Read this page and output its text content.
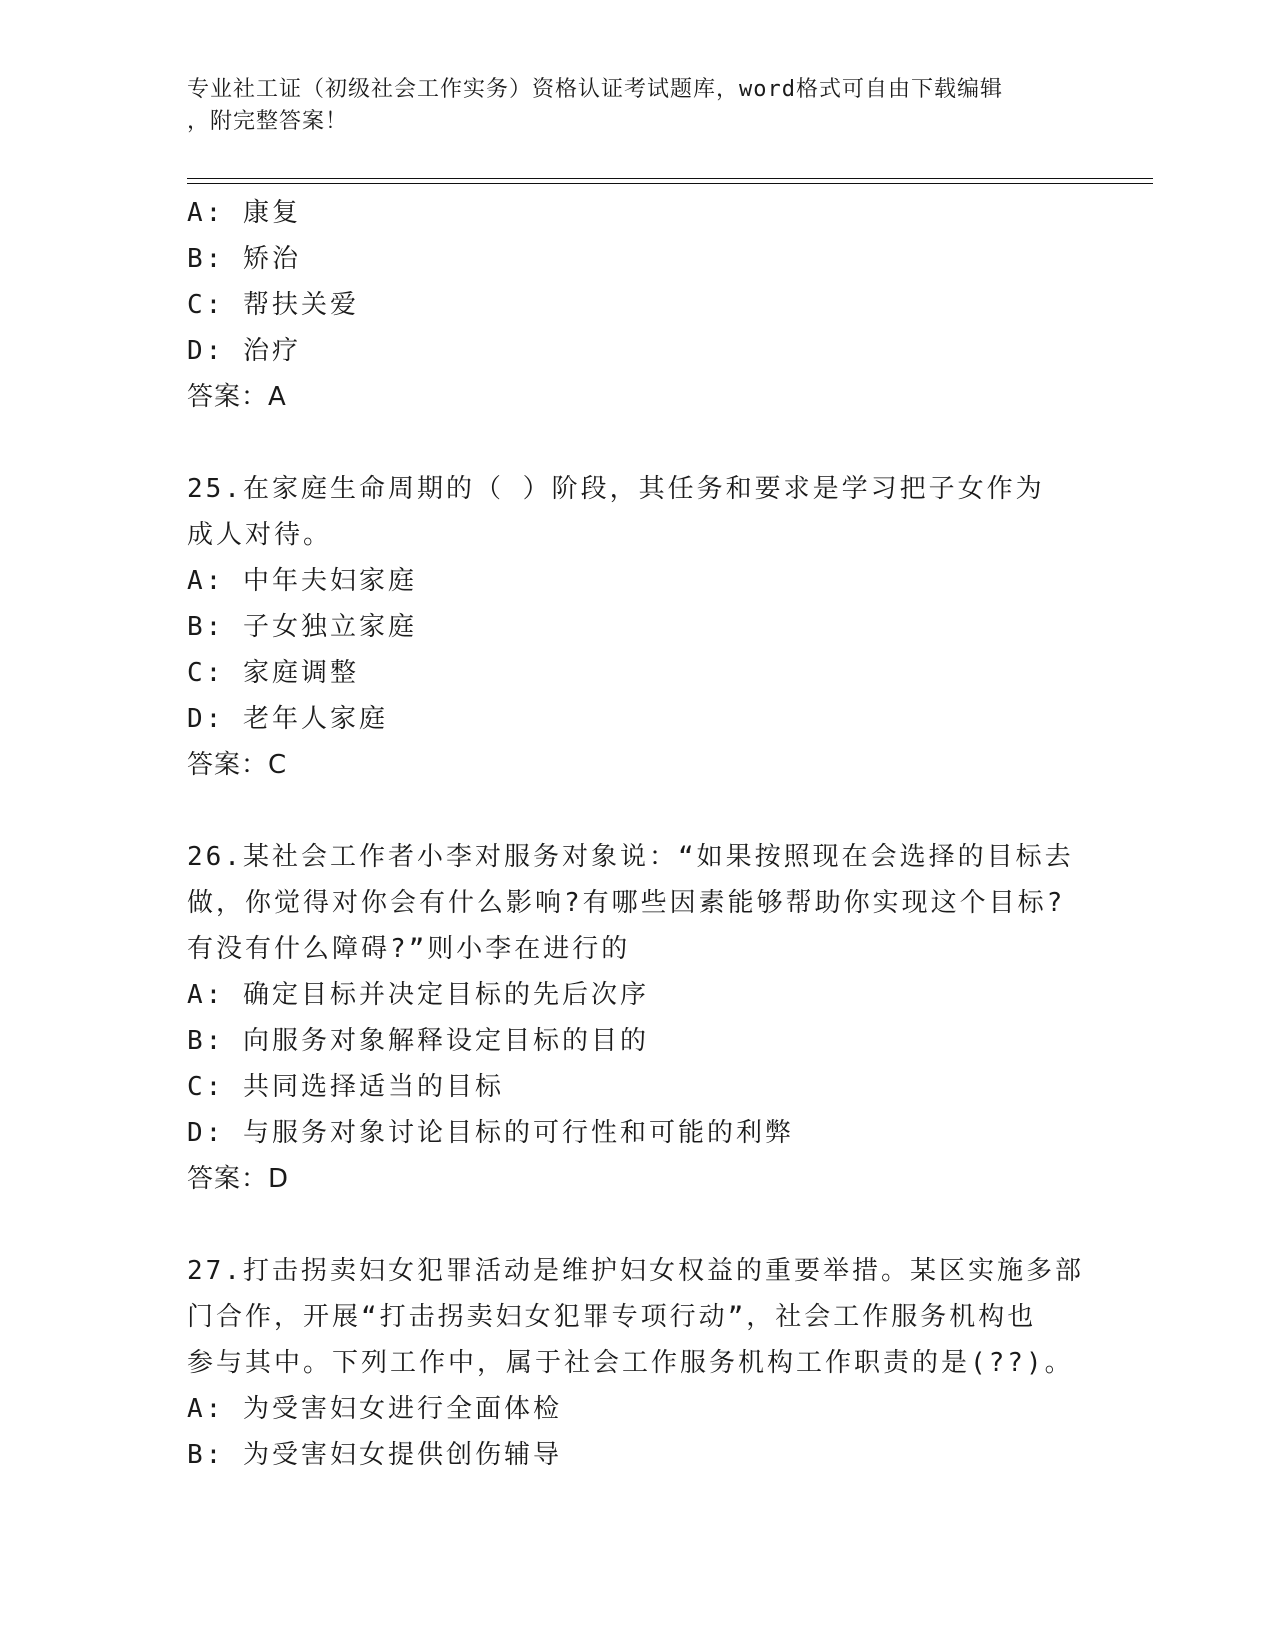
专业社工证（初级社会工作实务）资格认证考试题库，word格式可自由下载编辑
，附完整答案！
A: 康复
B: 矫治
C: 帮扶关爱
D: 治疗
答案：A
25.在家庭生命周期的（ ）阶段，其任务和要求是学习把子女作为
成人对待。
A: 中年夫妇家庭
B: 子女独立家庭
C: 家庭调整
D: 老年人家庭
答案：C
26.某社会工作者小李对服务对象说：“如果按照现在会选择的目标去
做，你觉得对你会有什么影响?有哪些因素能够帮助你实现这个目标?
有没有什么障碍?”则小李在进行的
A: 确定目标并决定目标的先后次序
B: 向服务对象解释设定目标的目的
C: 共同选择适当的目标
D: 与服务对象讨论目标的可行性和可能的利弊
答案：D
27.打击拐卖妇女犯罪活动是维护妇女权益的重要举措。某区实施多部
门合作，开展“打击拐卖妇女犯罪专项行动”，社会工作服务机构也
参与其中。下列工作中，属于社会工作服务机构工作职责的是(??)。
A: 为受害妇女进行全面体检
B: 为受害妇女提供创伤辅导
